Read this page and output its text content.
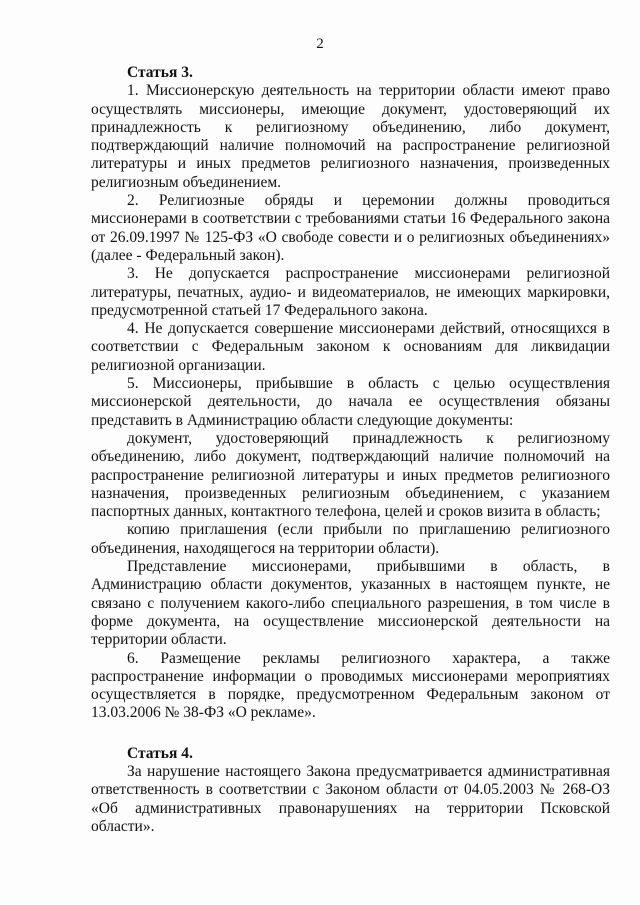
2

Статья 3.

1. Миссионерскую деятельность на территории области имеют право осуществлять миссионеры, имеющие документ, удостоверяющий их принадлежность к религиозному объединению, либо документ, подтверждающий наличие полномочий на распространение религиозной литературы и иных предметов религиозного назначения, произведенных религиозным объединением.

2. Религиозные обряды и церемонии должны проводиться миссионерами в соответствии с требованиями статьи 16 Федерального закона от 26.09.1997 № 125-ФЗ «О свободе совести и о религиозных объединениях» (далее - Федеральный закон).

3. Не допускается распространение миссионерами религиозной литературы, печатных, аудио- и видеоматериалов, не имеющих маркировки, предусмотренной статьей 17 Федерального закона.

4. Не допускается совершение миссионерами действий, относящихся в соответствии с Федеральным законом к основаниям для ликвидации религиозной организации.

5. Миссионеры, прибывшие в область с целью осуществления миссионерской деятельности, до начала ее осуществления обязаны представить в Администрацию области следующие документы:

документ, удостоверяющий принадлежность к религиозному объединению, либо документ, подтверждающий наличие полномочий на распространение религиозной литературы и иных предметов религиозного назначения, произведенных религиозным объединением, с указанием паспортных данных, контактного телефона, целей и сроков визита в область;

копию приглашения (если прибыли по приглашению религиозного объединения, находящегося на территории области).

Представление миссионерами, прибывшими в область, в Администрацию области документов, указанных в настоящем пункте, не связано с получением какого-либо специального разрешения, в том числе в форме документа, на осуществление миссионерской деятельности на территории области.

6. Размещение рекламы религиозного характера, а также распространение информации о проводимых миссионерами мероприятиях осуществляется в порядке, предусмотренном Федеральным законом от 13.03.2006 № 38-ФЗ «О рекламе».

Статья 4.

За нарушение настоящего Закона предусматривается административная ответственность в соответствии с Законом области от 04.05.2003 № 268-ОЗ «Об административных правонарушениях на территории Псковской области».
